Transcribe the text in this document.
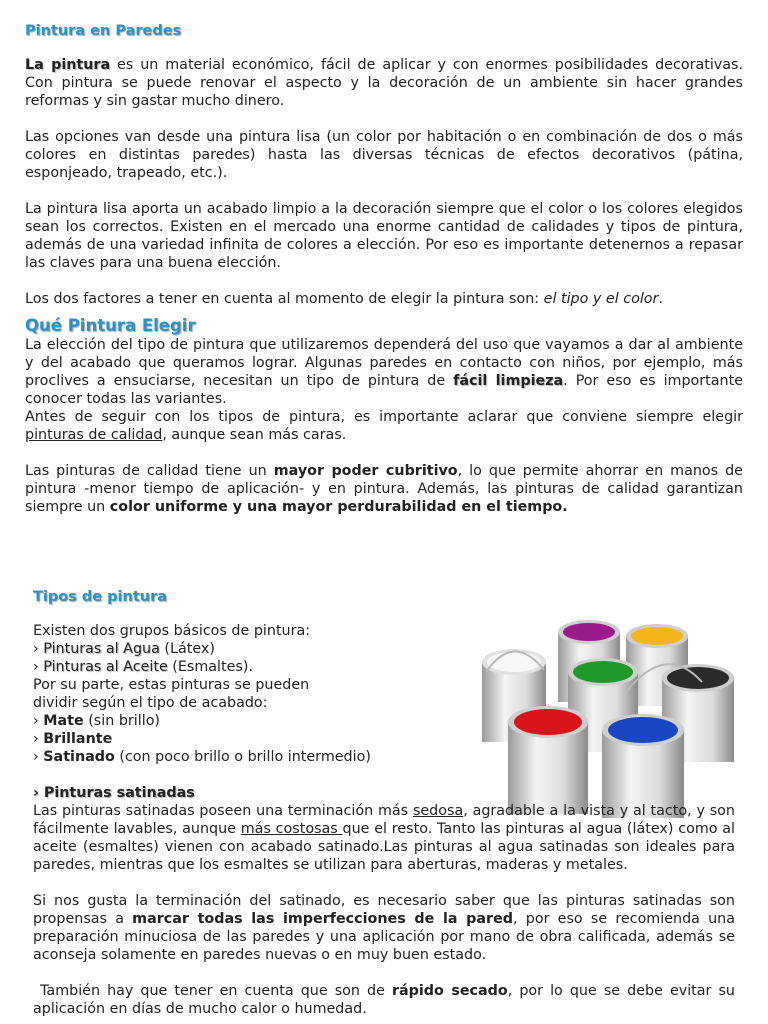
Pintura en Paredes

La pintura es un material económico, fácil de aplicar y con enormes posibilidades decorativas. Con pintura se puede renovar el aspecto y la decoración de un ambiente sin hacer grandes reformas y sin gastar mucho dinero.

Las opciones van desde una pintura lisa (un color por habitación o en combinación de dos o más colores en distintas paredes) hasta las diversas técnicas de efectos decorativos (pátina, esponjeado, trapeado, etc.).

La pintura lisa aporta un acabado limpio a la decoración siempre que el color o los colores elegidos sean los correctos. Existen en el mercado una enorme cantidad de calidades y tipos de pintura, además de una variedad infinita de colores a elección. Por eso es importante detenernos a repasar las claves para una buena elección.

Los dos factores a tener en cuenta al momento de elegir la pintura son: el tipo y el color.

Qué Pintura Elegir

La elección del tipo de pintura que utilizaremos dependerá del uso que vayamos a dar al ambiente y del acabado que queramos lograr. Algunas paredes en contacto con niños, por ejemplo, más proclives a ensuciarse, necesitan un tipo de pintura de fácil limpieza. Por eso es importante conocer todas las variantes.

Antes de seguir con los tipos de pintura, es importante aclarar que conviene siempre elegir pinturas de calidad, aunque sean más caras.

Las pinturas de calidad tiene un mayor poder cubritivo, lo que permite ahorrar en manos de pintura -menor tiempo de aplicación- y en pintura. Además, las pinturas de calidad garantizan siempre un color uniforme y una mayor perdurabilidad en el tiempo.

Tipos de pintura

Existen dos grupos básicos de pintura:

› Pinturas al Agua (Látex)

› Pinturas al Aceite (Esmaltes).

Por su parte, estas pinturas se pueden

dividir según el tipo de acabado:

› Mate (sin brillo)

› Brillante

› Satinado (con poco brillo o brillo intermedio)

› Pinturas satinadas

Las pinturas satinadas poseen una terminación más sedosa, agradable a la vista y al tacto, y son fácilmente lavables, aunque más costosas que el resto. Tanto las pinturas al agua (látex) como al aceite (esmaltes) vienen con acabado satinado.Las pinturas al agua satinadas son ideales para paredes, mientras que los esmaltes se utilizan para aberturas, maderas y metales.

Si nos gusta la terminación del satinado, es necesario saber que las pinturas satinadas son propensas a marcar todas las imperfecciones de la pared, por eso se recomienda una preparación minuciosa de las paredes y una aplicación por mano de obra calificada, además se aconseja solamente en paredes nuevas o en muy buen estado.

También hay que tener en cuenta que son de rápido secado, por lo que se debe evitar su aplicación en días de mucho calor o humedad.
